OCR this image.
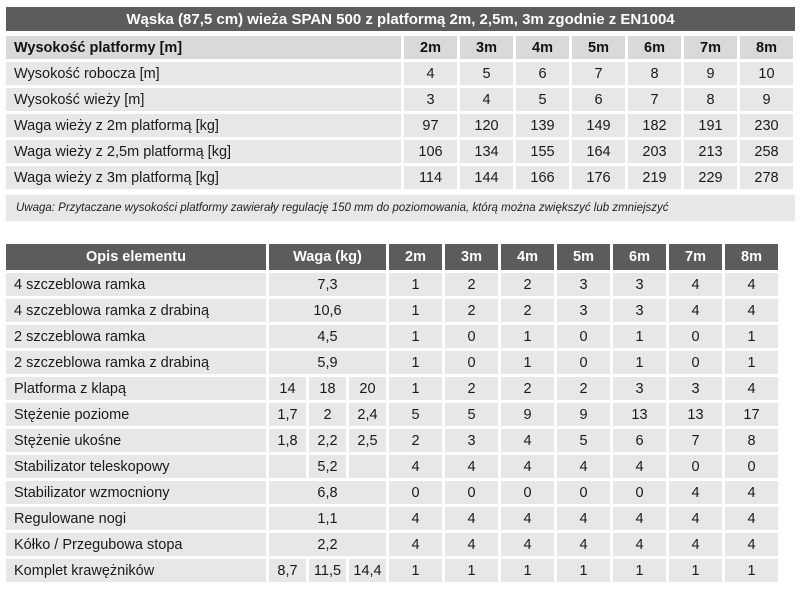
Wąska (87,5 cm) wieża SPAN 500 z platformą 2m, 2,5m, 3m zgodnie z EN1004
Wysokość platformy [m]	2m	3m	4m	5m	6m	7m	8m
Wysokość robocza [m]	4	5	6	7	8	9	10
Wysokość wieży [m]	3	4	5	6	7	8	9
Waga wieży z 2m platformą [kg]	97	120	139	149	182	191	230
Waga wieży z 2,5m platformą [kg]	106	134	155	164	203	213	258
Waga wieży z 3m platformą [kg]	114	144	166	176	219	229	278
Uwaga: Przytaczane wysokości platformy zawierały regulację 150 mm do poziomowania, którą można zwiększyć lub zmniejszyć
Opis elementu	Waga (kg)			2m	3m	4m	5m	6m	7m	8m
4 szczeblowa ramka	7,3			1	2	2	3	3	4	4
4 szczeblowa ramka z drabiną	10,6			1	2	2	3	3	4	4
2 szczeblowa ramka	4,5			1	0	1	0	1	0	1
2 szczeblowa ramka z drabiną	5,9			1	0	1	0	1	0	1
Platforma z klapą	14	18	20	1	2	2	2	3	3	4
Stężenie poziome	1,7	2	2,4	5	5	9	9	13	13	17
Stężenie ukośne	1,8	2,2	2,5	2	3	4	5	6	7	8
Stabilizator teleskopowy		5,2		4	4	4	4	4	0	0
Stabilizator wzmocniony	6,8			0	0	0	0	0	4	4
Regulowane nogi	1,1			4	4	4	4	4	4	4
Kółko / Przegubowa stopa	2,2			4	4	4	4	4	4	4
Komplet krawężników	8,7	11,5	14,4	1	1	1	1	1	1	1
